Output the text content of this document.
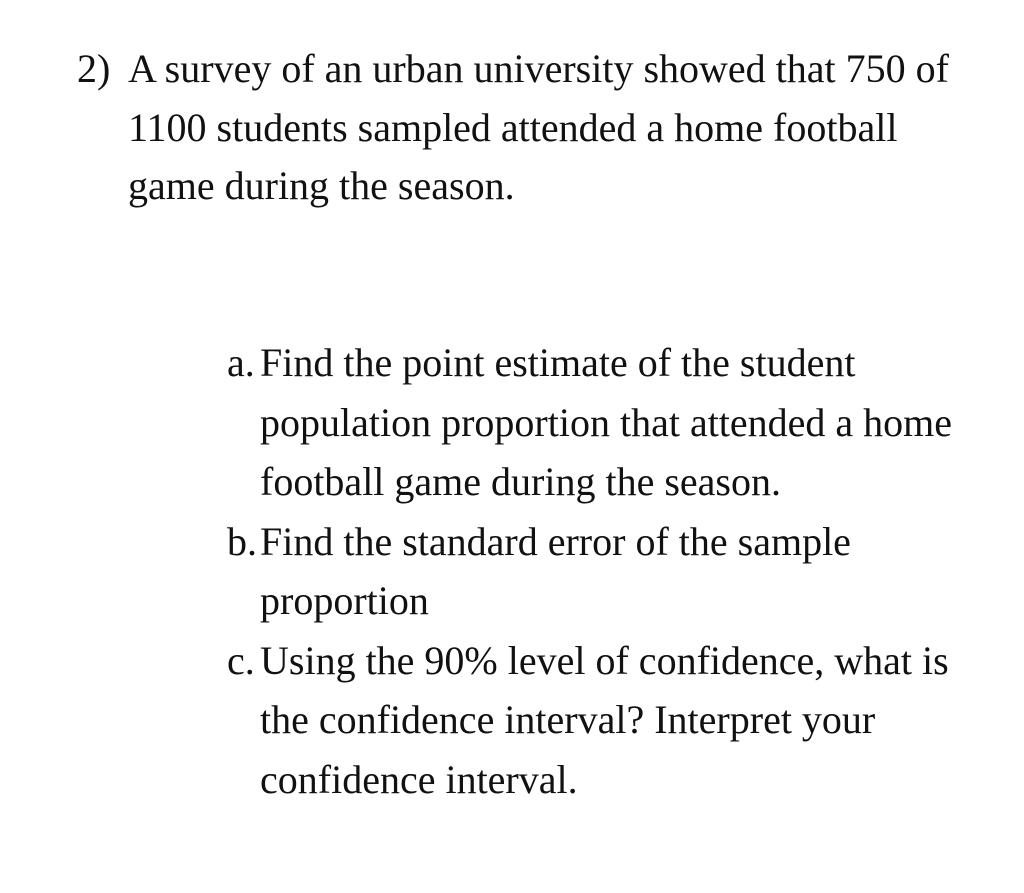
2) A survey of an urban university showed that 750 of 1100 students sampled attended a home football game during the season.
a. Find the point estimate of the student population proportion that attended a home football game during the season.
b. Find the standard error of the sample proportion
c. Using the 90% level of confidence, what is the confidence interval? Interpret your confidence interval.
